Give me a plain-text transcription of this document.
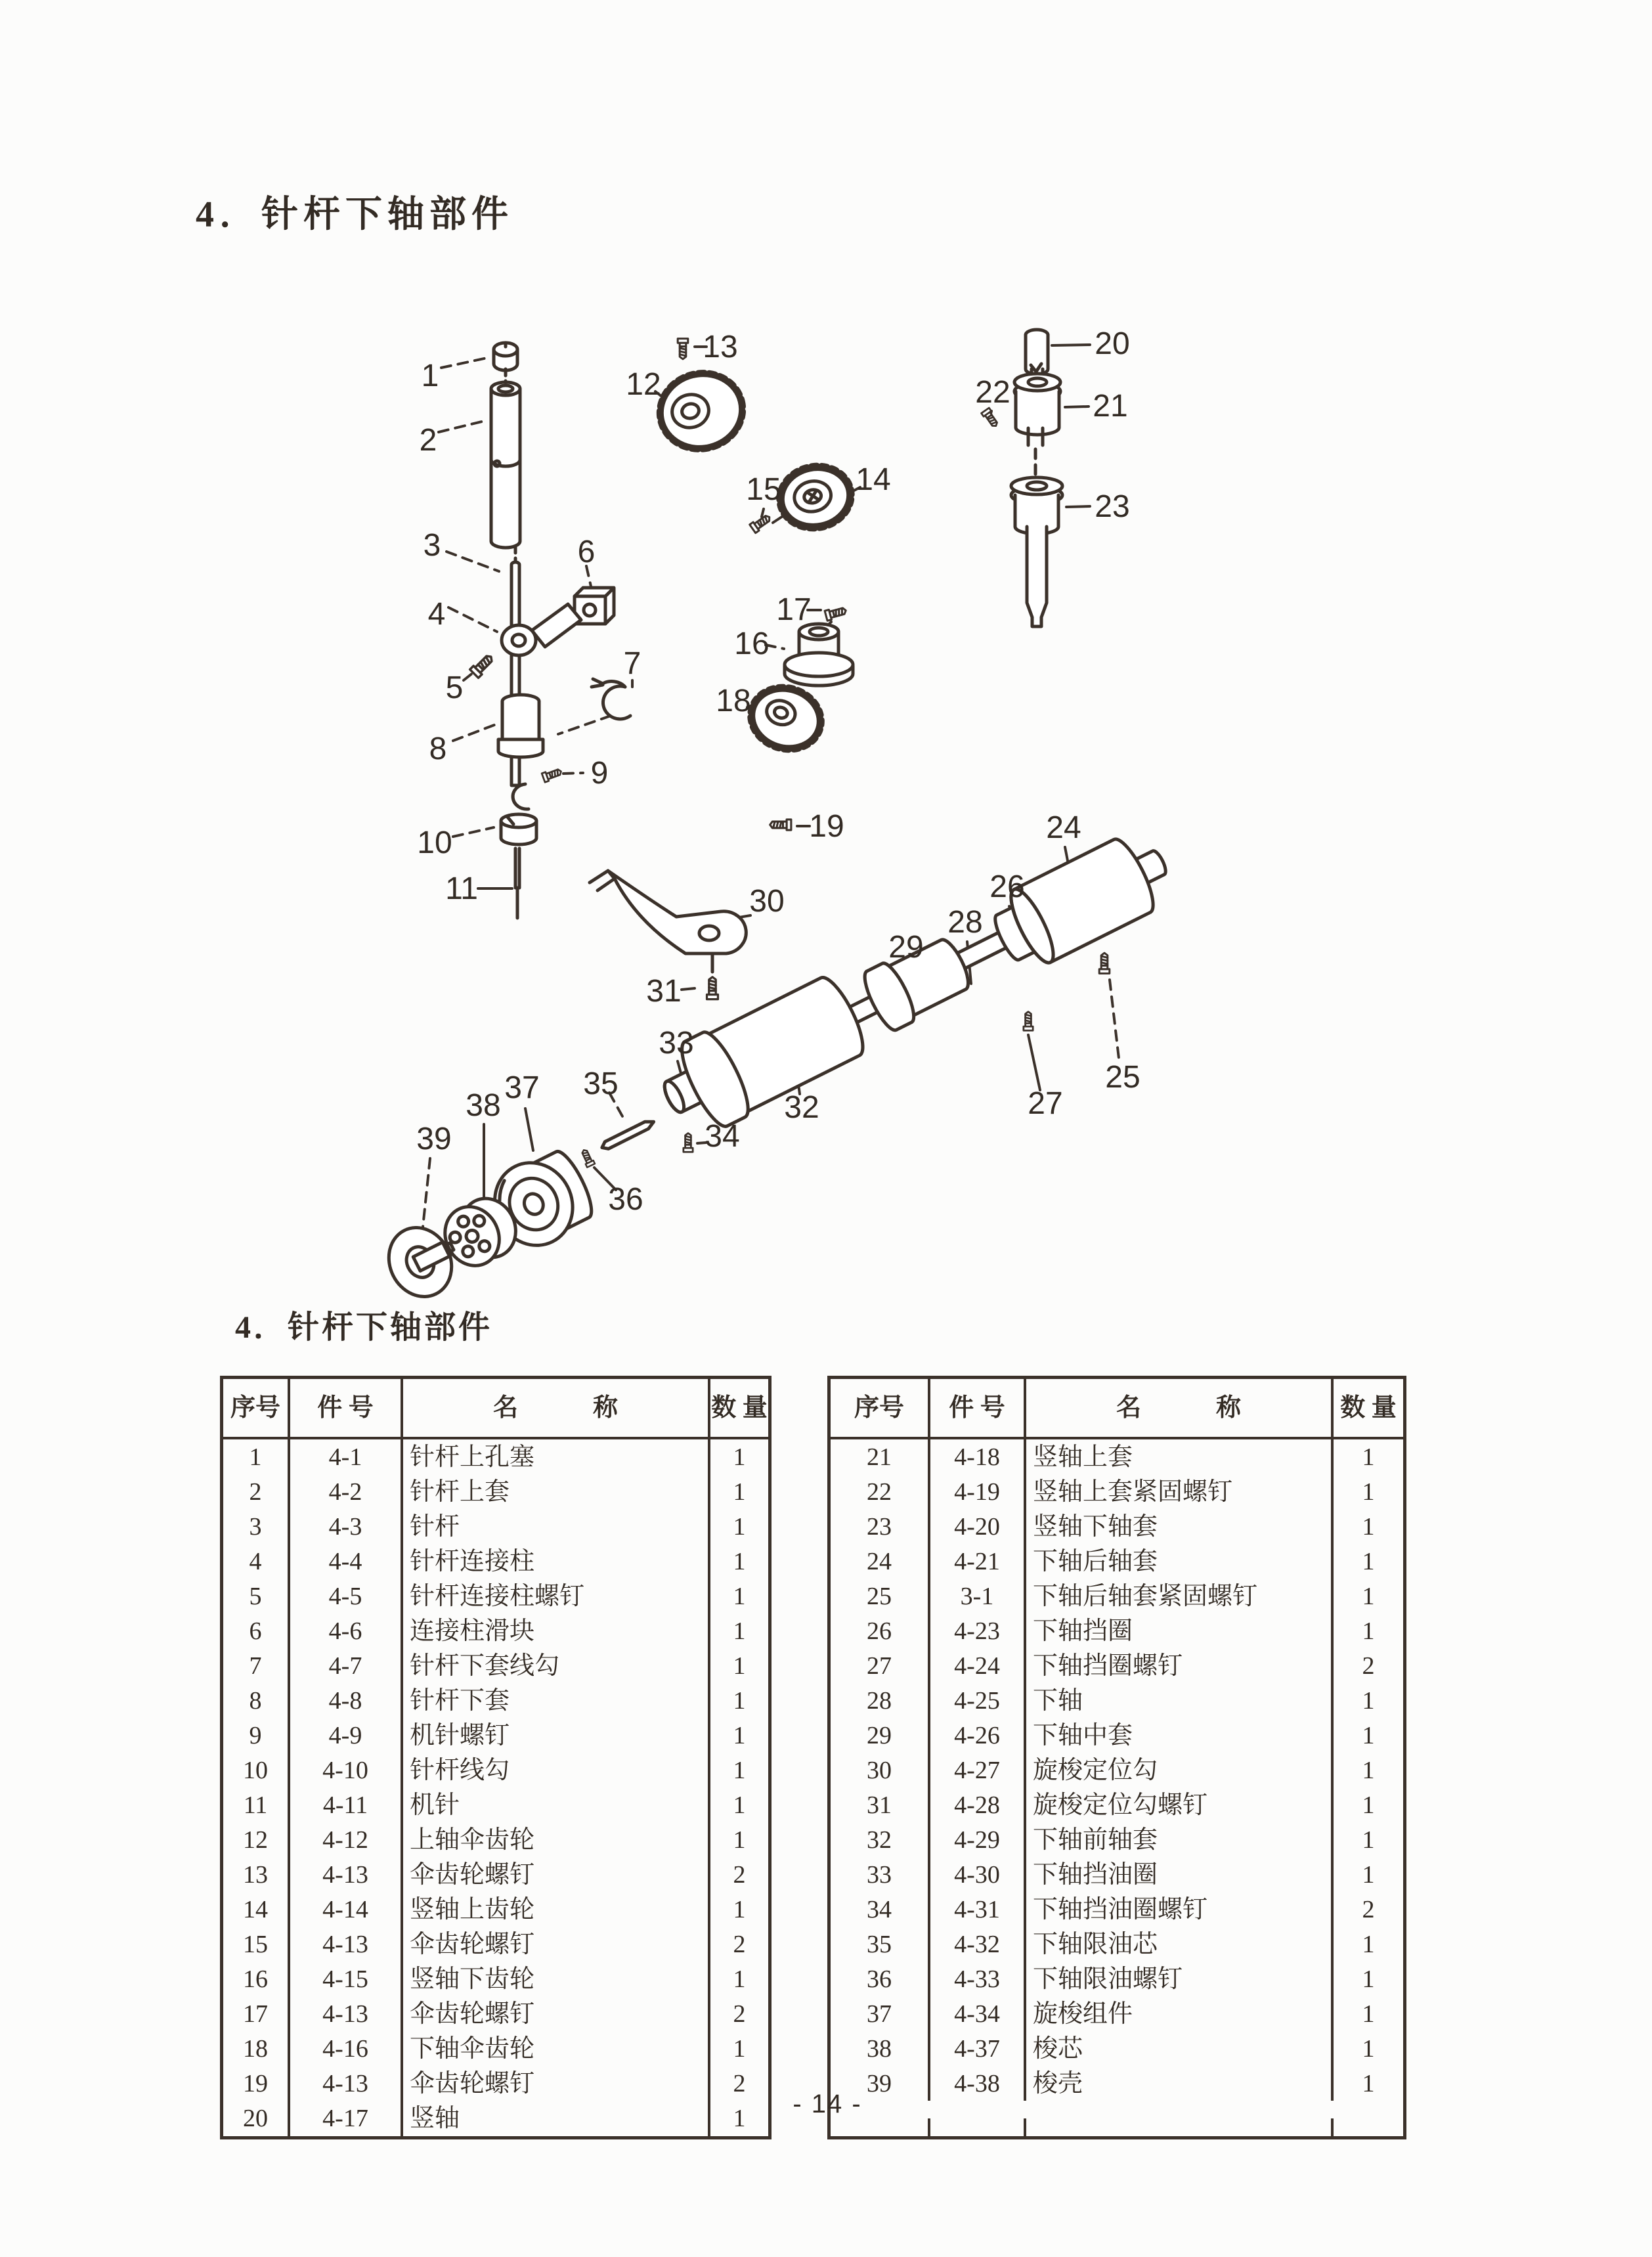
1
2
3
4
5
6
7
8
9
10
11
12
13
14
15
16
17
18
19
20
21
22
23
24
25
26
27
28
29
30
31
32
33
34
35
36
37
38
39
4．针杆下轴部件
4．针杆下轴部件
序号	件 号	名            称	数 量
1	4-1	针杆上孔塞	1
2	4-2	针杆上套	1
3	4-3	针杆	1
4	4-4	针杆连接柱	1
5	4-5	针杆连接柱螺钉	1
6	4-6	连接柱滑块	1
7	4-7	针杆下套线勾	1
8	4-8	针杆下套	1
9	4-9	机针螺钉	1
10	4-10	针杆线勾	1
11	4-11	机针	1
12	4-12	上轴伞齿轮	1
13	4-13	伞齿轮螺钉	2
14	4-14	竖轴上齿轮	1
15	4-13	伞齿轮螺钉	2
16	4-15	竖轴下齿轮	1
17	4-13	伞齿轮螺钉	2
18	4-16	下轴伞齿轮	1
19	4-13	伞齿轮螺钉	2
20	4-17	竖轴	1
序号	件 号	名            称	数 量
21	4-18	竖轴上套	1
22	4-19	竖轴上套紧固螺钉	1
23	4-20	竖轴下轴套	1
24	4-21	下轴后轴套	1
25	3-1	下轴后轴套紧固螺钉	1
26	4-23	下轴挡圈	1
27	4-24	下轴挡圈螺钉	2
28	4-25	下轴	1
29	4-26	下轴中套	1
30	4-27	旋梭定位勾	1
31	4-28	旋梭定位勾螺钉	1
32	4-29	下轴前轴套	1
33	4-30	下轴挡油圈	1
34	4-31	下轴挡油圈螺钉	2
35	4-32	下轴限油芯	1
36	4-33	下轴限油螺钉	1
37	4-34	旋梭组件	1
38	4-37	梭芯	1
39	4-38	梭壳	1
- 14 -
